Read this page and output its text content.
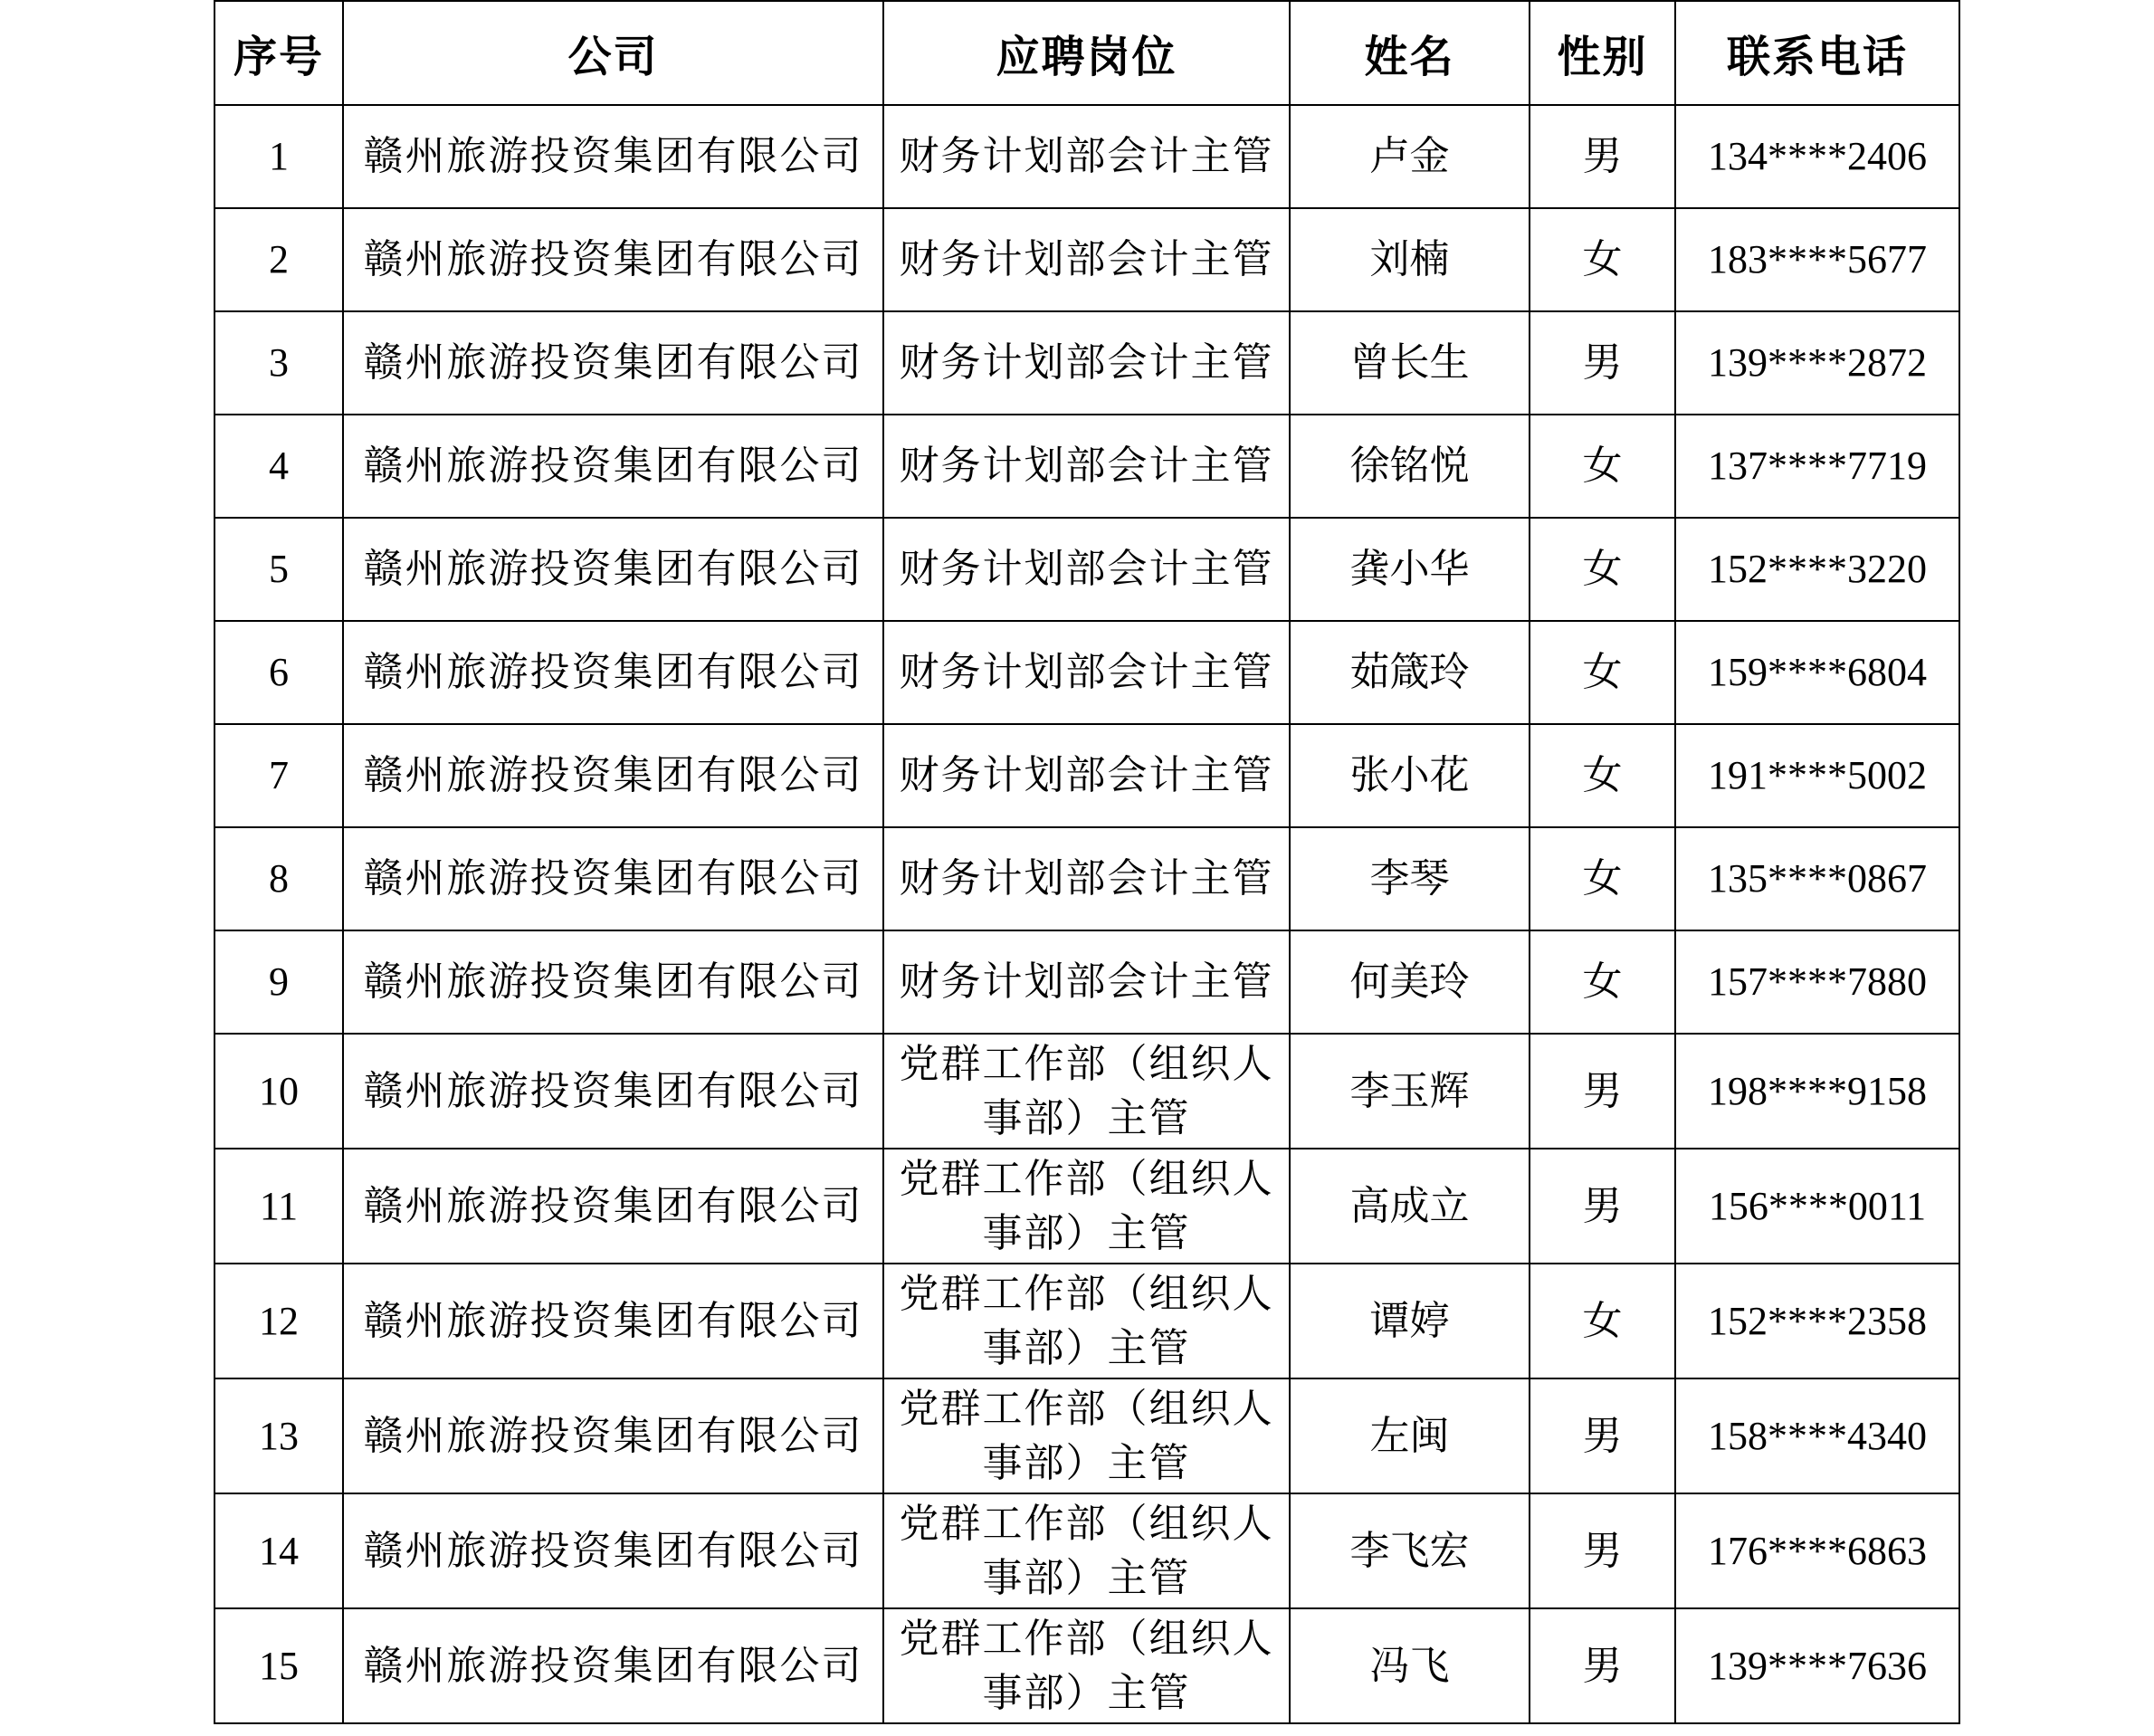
序号	公司	应聘岗位	姓名	性别	联系电话
1	赣州旅游投资集团有限公司	财务计划部会计主管	卢金	男	134****2406
2	赣州旅游投资集团有限公司	财务计划部会计主管	刘楠	女	183****5677
3	赣州旅游投资集团有限公司	财务计划部会计主管	曾长生	男	139****2872
4	赣州旅游投资集团有限公司	财务计划部会计主管	徐铭悦	女	137****7719
5	赣州旅游投资集团有限公司	财务计划部会计主管	龚小华	女	152****3220
6	赣州旅游投资集团有限公司	财务计划部会计主管	茹箴玲	女	159****6804
7	赣州旅游投资集团有限公司	财务计划部会计主管	张小花	女	191****5002
8	赣州旅游投资集团有限公司	财务计划部会计主管	李琴	女	135****0867
9	赣州旅游投资集团有限公司	财务计划部会计主管	何美玲	女	157****7880
10	赣州旅游投资集团有限公司	党群工作部（组织人事部）主管	李玉辉	男	198****9158
11	赣州旅游投资集团有限公司	党群工作部（组织人事部）主管	高成立	男	156****0011
12	赣州旅游投资集团有限公司	党群工作部（组织人事部）主管	谭婷	女	152****2358
13	赣州旅游投资集团有限公司	党群工作部（组织人事部）主管	左闽	男	158****4340
14	赣州旅游投资集团有限公司	党群工作部（组织人事部）主管	李飞宏	男	176****6863
15	赣州旅游投资集团有限公司	党群工作部（组织人事部）主管	冯飞	男	139****7636
